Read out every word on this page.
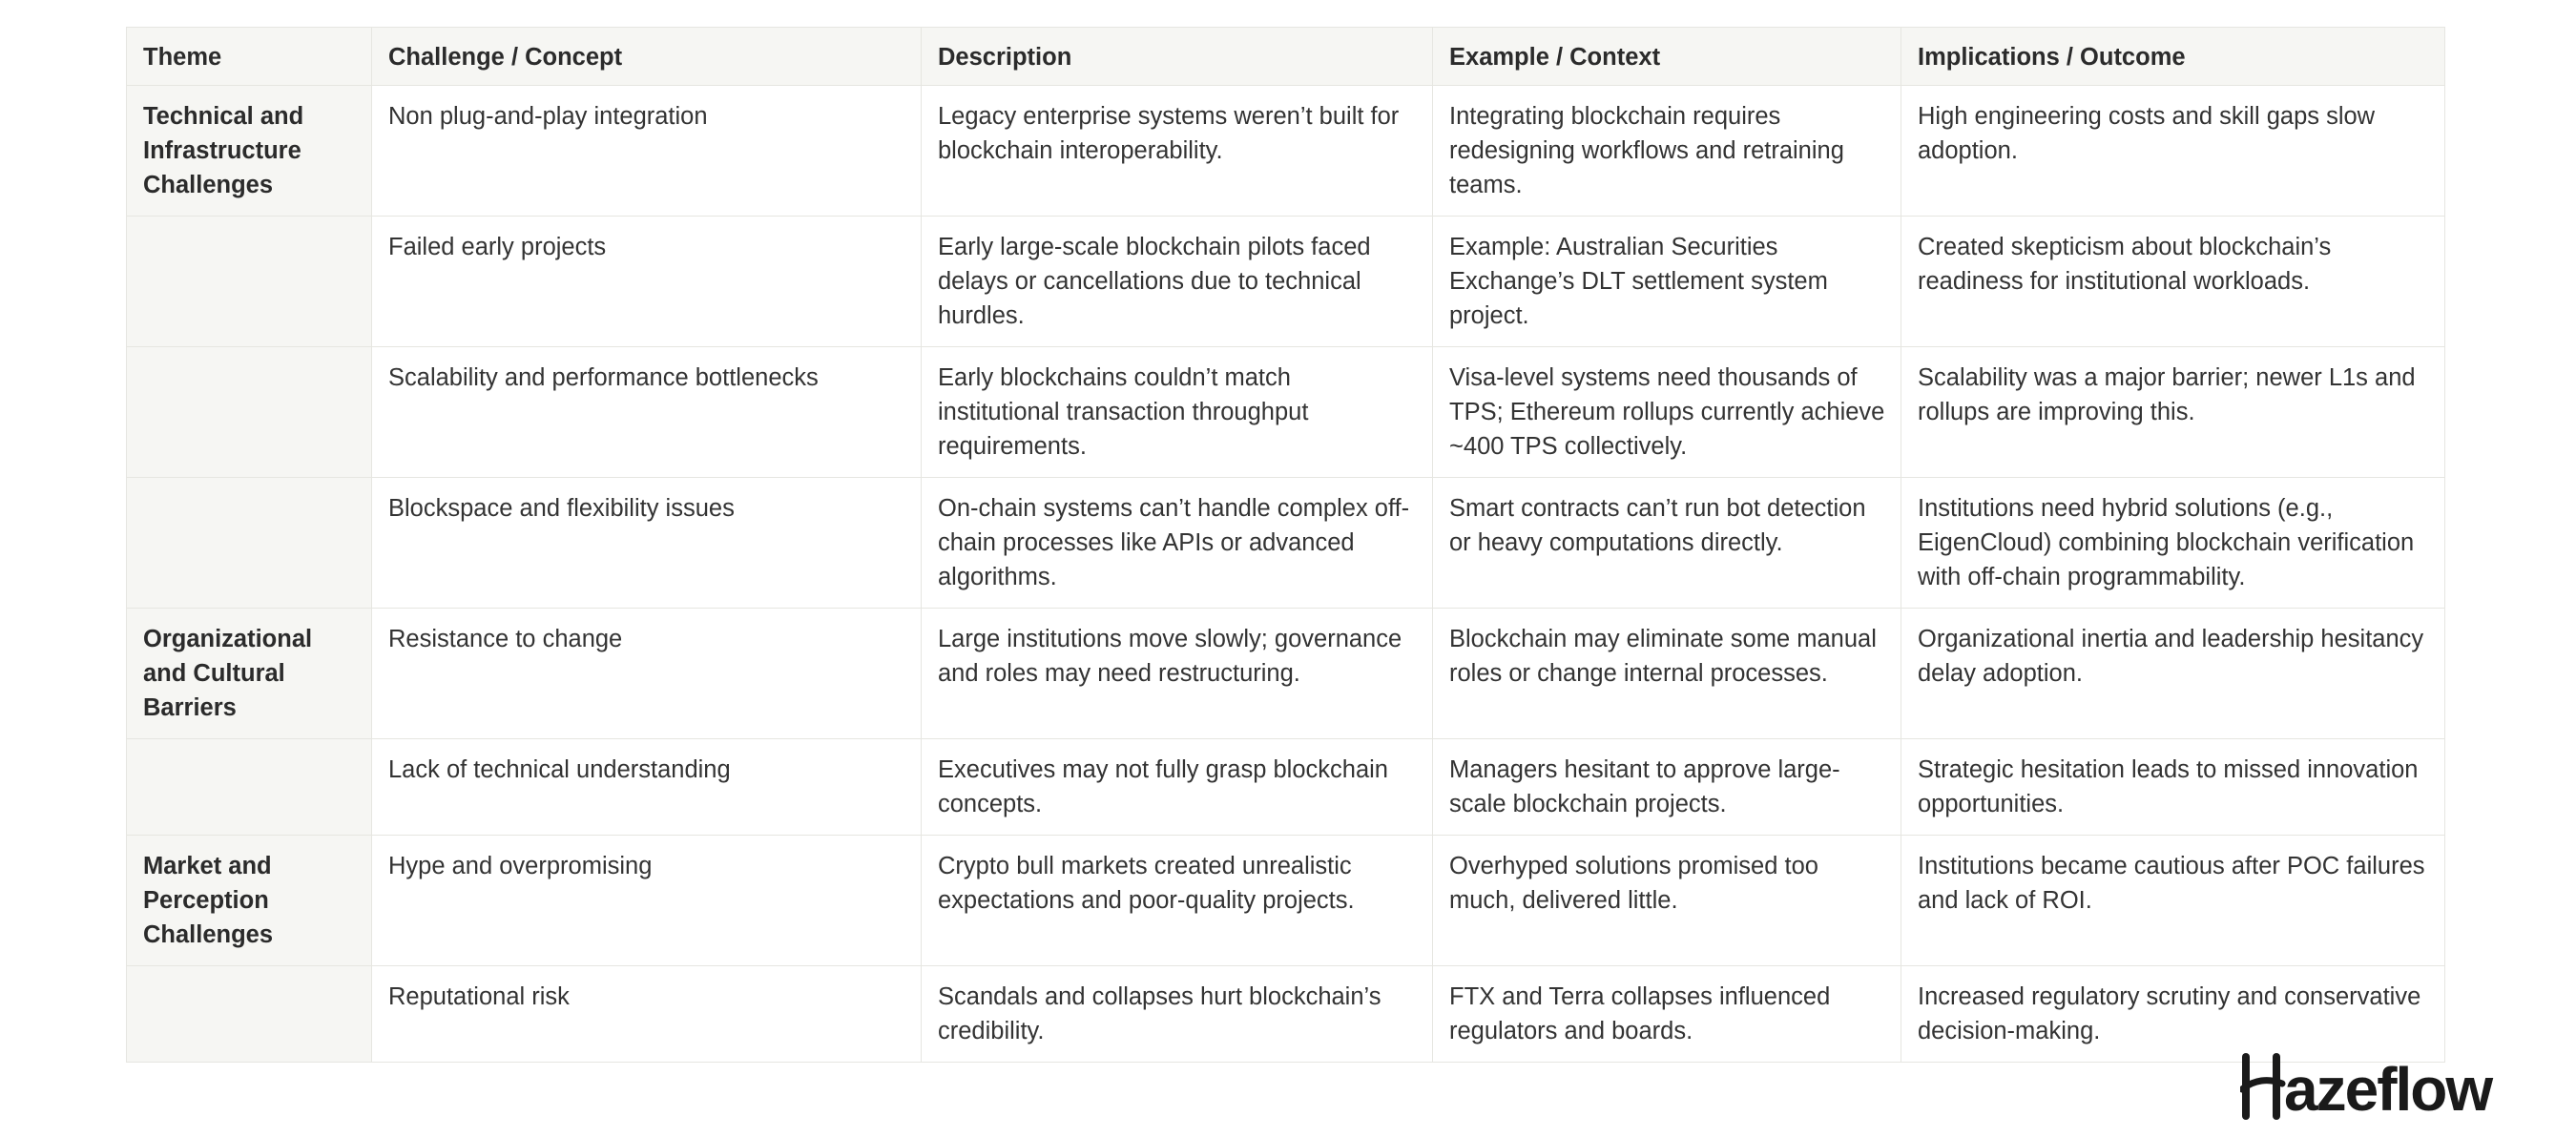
Theme	Challenge / Concept	Description	Example / Context	Implications / Outcome
Technical and Infrastructure Challenges	Non plug-and-play integration	Legacy enterprise systems weren’t built for blockchain interoperability.	Integrating blockchain requires redesigning workflows and retraining teams.	High engineering costs and skill gaps slow adoption.
	Failed early projects	Early large-scale blockchain pilots faced delays or cancellations due to technical hurdles.	Example: Australian Securities Exchange’s DLT settlement system project.	Created skepticism about blockchain’s readiness for institutional workloads.
	Scalability and performance bottlenecks	Early blockchains couldn’t match institutional transaction throughput requirements.	Visa-level systems need thousands of TPS; Ethereum rollups currently achieve ~400 TPS collectively.	Scalability was a major barrier; newer L1s and rollups are improving this.
	Blockspace and flexibility issues	On-chain systems can’t handle complex off-chain processes like APIs or advanced algorithms.	Smart contracts can’t run bot detection or heavy computations directly.	Institutions need hybrid solutions (e.g., EigenCloud) combining blockchain verification with off-chain programmability.
Organizational and Cultural Barriers	Resistance to change	Large institutions move slowly; governance and roles may need restructuring.	Blockchain may eliminate some manual roles or change internal processes.	Organizational inertia and leadership hesitancy delay adoption.
	Lack of technical understanding	Executives may not fully grasp blockchain concepts.	Managers hesitant to approve large-scale blockchain projects.	Strategic hesitation leads to missed innovation opportunities.
Market and Perception Challenges	Hype and overpromising	Crypto bull markets created unrealistic expectations and poor-quality projects.	Overhyped solutions promised too much, delivered little.	Institutions became cautious after POC failures and lack of ROI.
	Reputational risk	Scandals and collapses hurt blockchain’s credibility.	FTX and Terra collapses influenced regulators and boards.	Increased regulatory scrutiny and conservative decision-making.
azeflow
